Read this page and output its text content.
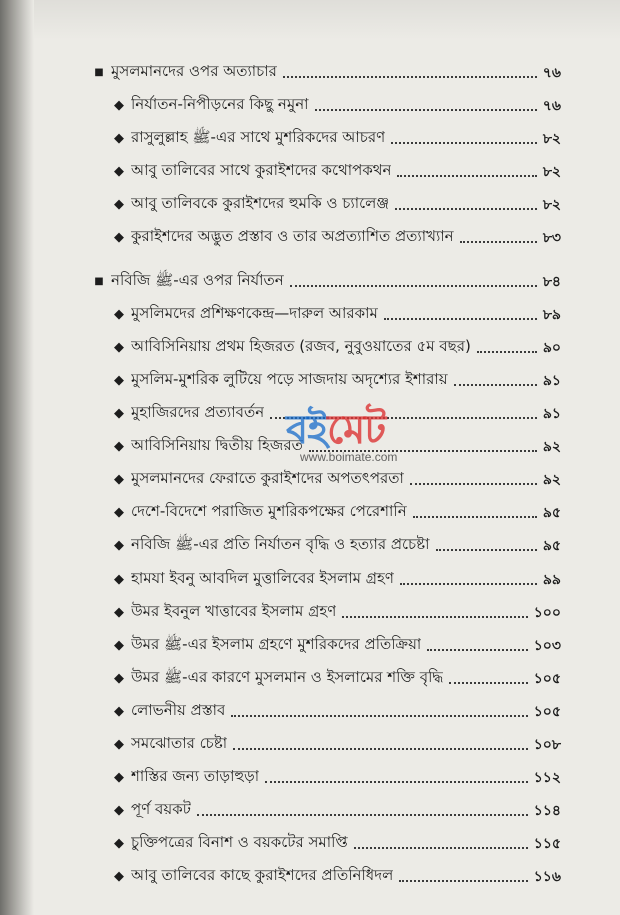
■ মুসলমানদের ওপর অত্যাচার	৭৬
◆ নির্যাতন-নিপীড়নের কিছু নমুনা	৭৬
◆ রাসুলুল্লাহ ﷺ-এর সাথে মুশরিকদের আচরণ	৮২
◆ আবু তালিবের সাথে কুরাইশদের কথোপকথন	৮২
◆ আবু তালিবকে কুরাইশদের হুমকি ও চ্যালেঞ্জ	৮২
◆ কুরাইশদের অদ্ভুত প্রস্তাব ও তার অপ্রত্যাশিত প্রত্যাখ্যান	৮৩
■ নবিজি ﷺ-এর ওপর নির্যাতন	৮৪
◆ মুসলিমদের প্রশিক্ষণকেন্দ্র—দারুল আরকাম	৮৯
◆ আবিসিনিয়ায় প্রথম হিজরত (রজব, নুবুওয়াতের ৫ম বছর)	৯০
◆ মুসলিম-মুশরিক লুটিয়ে পড়ে সাজদায় অদৃশ্যের ইশারায়	৯১
◆ মুহাজিরদের প্রত্যাবর্তন	৯১
◆ আবিসিনিয়ায় দ্বিতীয় হিজরত	৯২
◆ মুসলমানদের ফেরাতে কুরাইশদের অপতৎপরতা	৯২
◆ দেশে-বিদেশে পরাজিত মুশরিকপক্ষের পেরেশানি	৯৫
◆ নবিজি ﷺ-এর প্রতি নির্যাতন বৃদ্ধি ও হত্যার প্রচেষ্টা	৯৫
◆ হামযা ইবনু আবদিল মুত্তালিবের ইসলাম গ্রহণ	৯৯
◆ উমর ইবনুল খাত্তাবের ইসলাম গ্রহণ	১০০
◆ উমর ﷺ-এর ইসলাম গ্রহণে মুশরিকদের প্রতিক্রিয়া	১০৩
◆ উমর ﷺ-এর কারণে মুসলমান ও ইসলামের শক্তি বৃদ্ধি	১০৫
◆ লোভনীয় প্রস্তাব	১০৫
◆ সমঝোতার চেষ্টা	১০৮
◆ শাস্তির জন্য তাড়াহুড়া	১১২
◆ পূর্ণ বয়কট	১১৪
◆ চুক্তিপত্রের বিনাশ ও বয়কটের সমাপ্তি	১১৫
◆ আবু তালিবের কাছে কুরাইশদের প্রতিনিধিদল	১১৬
বইমেট
www.boimate.com
